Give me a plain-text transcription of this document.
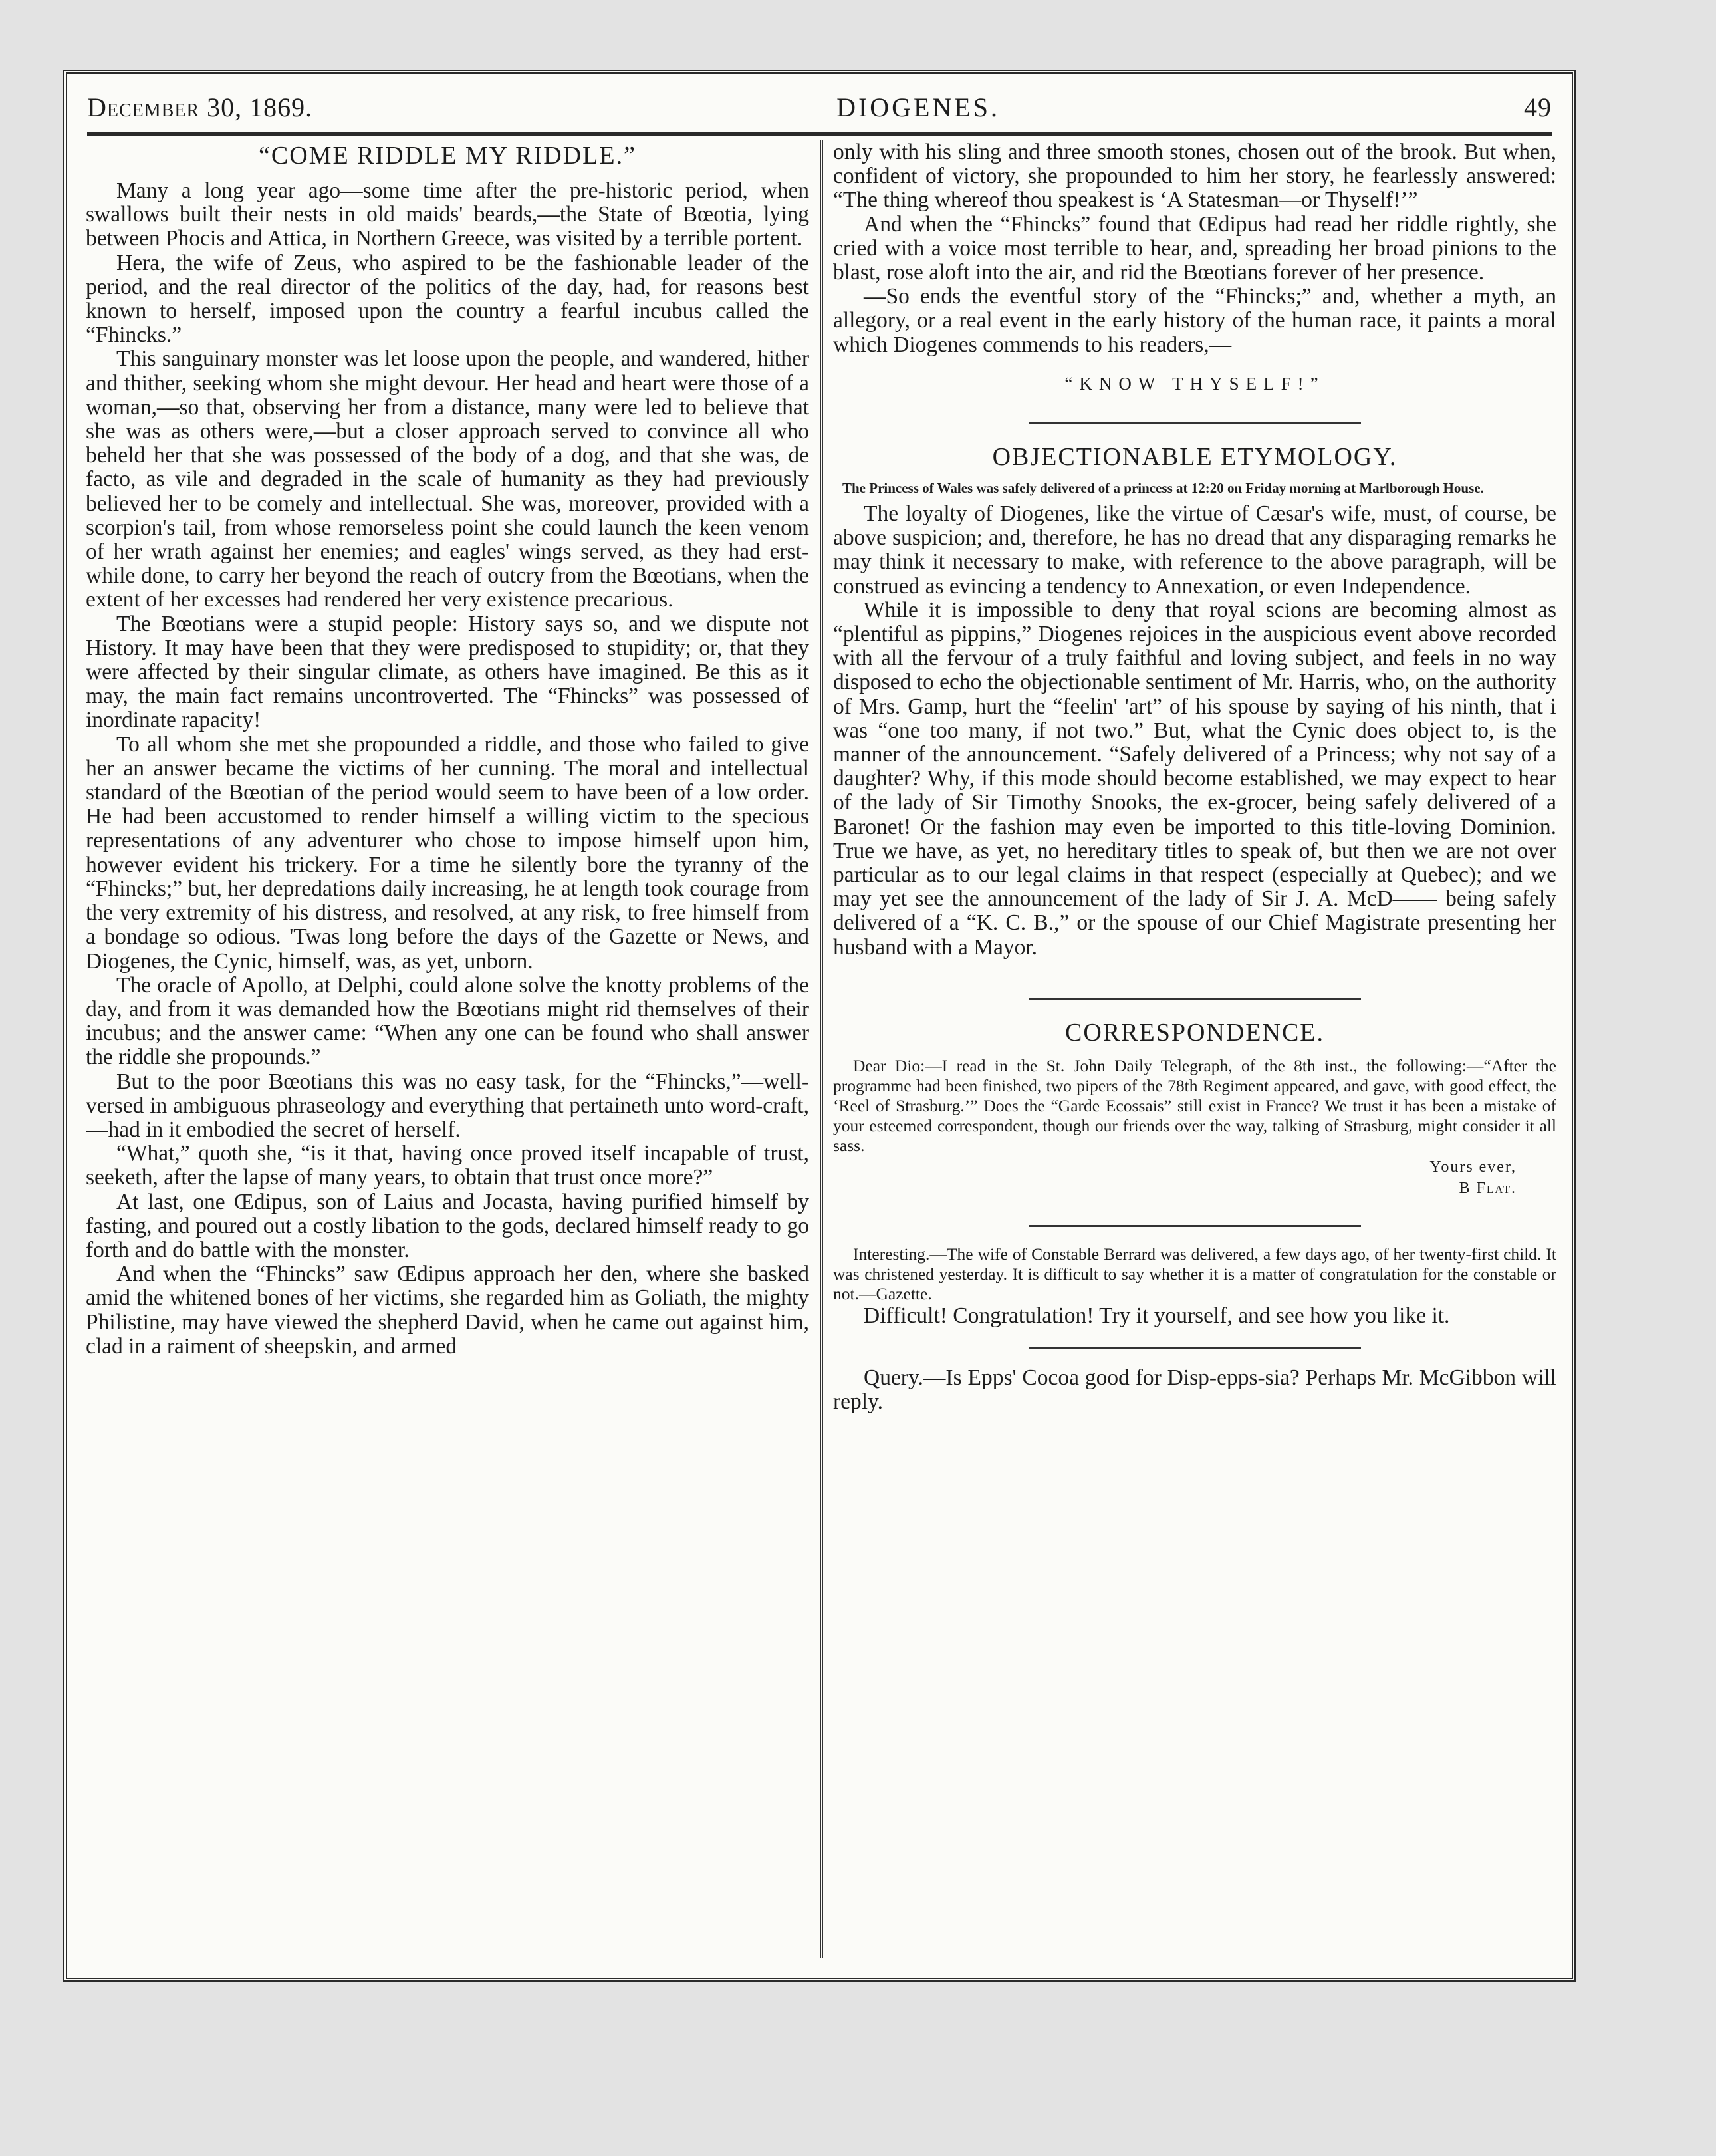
December 30, 1869.	DIOGENES.	49
“COME RIDDLE MY RIDDLE.”

Many a long year ago—some time after the pre-historic period, when swallows built their nests in old maids' beards,—the State of Bœotia, lying between Phocis and Attica, in Northern Greece, was visited by a terrible portent.

Hera, the wife of Zeus, who aspired to be the fashionable leader of the period, and the real director of the politics of the day, had, for reasons best known to herself, imposed upon the country a fearful incubus called the “Fhincks.”

This sanguinary monster was let loose upon the people, and wandered, hither and thither, seeking whom she might devour. Her head and heart were those of a woman,—so that, observing her from a distance, many were led to believe that she was as others were,—but a closer approach served to convince all who beheld her that she was possessed of the body of a dog, and that she was, de facto, as vile and degraded in the scale of humanity as they had previously believed her to be comely and intellectual. She was, moreover, provided with a scorpion's tail, from whose remorseless point she could launch the keen venom of her wrath against her enemies; and eagles' wings served, as they had erst-while done, to carry her beyond the reach of outcry from the Bœotians, when the extent of her excesses had rendered her very existence precarious.

The Bœotians were a stupid people: History says so, and we dispute not History. It may have been that they were predisposed to stupidity; or, that they were affected by their singular climate, as others have imagined. Be this as it may, the main fact remains uncontroverted. The “Fhincks” was possessed of inordinate rapacity!

To all whom she met she propounded a riddle, and those who failed to give her an answer became the victims of her cunning. The moral and intellectual standard of the Bœotian of the period would seem to have been of a low order. He had been accustomed to render himself a willing victim to the specious representations of any adventurer who chose to impose himself upon him, however evident his trickery. For a time he silently bore the tyranny of the “Fhincks;” but, her depredations daily increasing, he at length took courage from the very extremity of his distress, and resolved, at any risk, to free himself from a bondage so odious. 'Twas long before the days of the Gazette or News, and Diogenes, the Cynic, himself, was, as yet, unborn.

The oracle of Apollo, at Delphi, could alone solve the knotty problems of the day, and from it was demanded how the Bœotians might rid themselves of their incubus; and the answer came: “When any one can be found who shall answer the riddle she propounds.”

But to the poor Bœotians this was no easy task, for the “Fhincks,”—well-versed in ambiguous phraseology and everything that pertaineth unto word-craft,—had in it embodied the secret of herself.

“What,” quoth she, “is it that, having once proved itself incapable of trust, seeketh, after the lapse of many years, to obtain that trust once more?”

At last, one Œdipus, son of Laius and Jocasta, having purified himself by fasting, and poured out a costly libation to the gods, declared himself ready to go forth and do battle with the monster.

And when the “Fhincks” saw Œdipus approach her den, where she basked amid the whitened bones of her victims, she regarded him as Goliath, the mighty Philistine, may have viewed the shepherd David, when he came out against him, clad in a raiment of sheepskin, and armed

only with his sling and three smooth stones, chosen out of the brook. But when, confident of victory, she propounded to him her story, he fearlessly answered: “The thing whereof thou speakest is ‘A Statesman—or Thyself!’”

And when the “Fhincks” found that Œdipus had read her riddle rightly, she cried with a voice most terrible to hear, and, spreading her broad pinions to the blast, rose aloft into the air, and rid the Bœotians forever of her presence.

—So ends the eventful story of the “Fhincks;” and, whether a myth, an allegory, or a real event in the early history of the human race, it paints a moral which Diogenes commends to his readers,—

“KNOW THYSELF!”
OBJECTIONABLE ETYMOLOGY.
The Princess of Wales was safely delivered of a princess at 12:20 on Friday morning at Marlborough House.

The loyalty of Diogenes, like the virtue of Cæsar's wife, must, of course, be above suspicion; and, therefore, he has no dread that any disparaging remarks he may think it necessary to make, with reference to the above paragraph, will be construed as evincing a tendency to Annexation, or even Independence.

While it is impossible to deny that royal scions are becoming almost as “plentiful as pippins,” Diogenes rejoices in the auspicious event above recorded with all the fervour of a truly faithful and loving subject, and feels in no way disposed to echo the objectionable sentiment of Mr. Harris, who, on the authority of Mrs. Gamp, hurt the “feelin' 'art” of his spouse by saying of his ninth, that i was “one too many, if not two.” But, what the Cynic does object to, is the manner of the announcement. “Safely delivered of a Princess; why not say of a daughter? Why, if this mode should become established, we may expect to hear of the lady of Sir Timothy Snooks, the ex-grocer, being safely delivered of a Baronet! Or the fashion may even be imported to this title-loving Dominion. True we have, as yet, no hereditary titles to speak of, but then we are not over particular as to our legal claims in that respect (especially at Quebec); and we may yet see the announcement of the lady of Sir J. A. McD—— being safely delivered of a “K. C. B.,” or the spouse of our Chief Magistrate presenting her husband with a Mayor.

CORRESPONDENCE.

Dear Dio:—I read in the St. John Daily Telegraph, of the 8th inst., the following:—“After the programme had been finished, two pipers of the 78th Regiment appeared, and gave, with good effect, the ‘Reel of Strasburg.’” Does the “Garde Ecossais” still exist in France? We trust it has been a mistake of your esteemed correspondent, though our friends over the way, talking of Strasburg, might consider it all sass.

Yours ever,
B Flat.

Interesting.—The wife of Constable Berrard was delivered, a few days ago, of her twenty-first child. It was christened yesterday. It is difficult to say whether it is a matter of congratulation for the constable or not.—Gazette.

Difficult! Congratulation! Try it yourself, and see how you like it.

Query.—Is Epps' Cocoa good for Disp-epps-sia? Perhaps Mr. McGibbon will reply.
